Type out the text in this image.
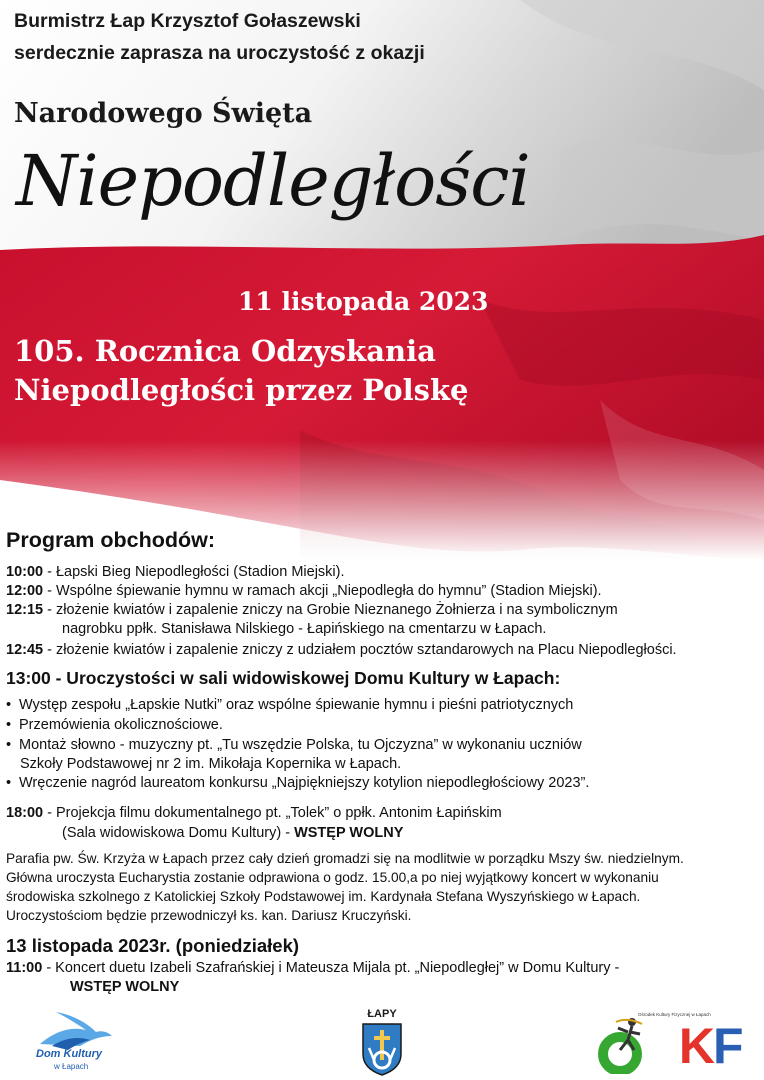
Burmistrz Łap Krzysztof Gołaszewski
serdecznie zaprasza na uroczystość z okazji
Narodowego Święta
Niepodległości
11 listopada 2023
105. Rocznica Odzyskania
Niepodległości przez Polskę
Program obchodów:
10:00 - Łapski Bieg Niepodległości (Stadion Miejski).
12:00 - Wspólne śpiewanie hymnu w ramach akcji „Niepodległa do hymnu” (Stadion Miejski).
12:15 - złożenie kwiatów i zapalenie zniczy na Grobie Nieznanego Żołnierza i na symbolicznym
nagrobku ppłk. Stanisława Nilskiego - Łapińskiego na cmentarzu w Łapach.
12:45 - złożenie kwiatów i zapalenie zniczy z udziałem pocztów sztandarowych na Placu Niepodległości.
13:00 - Uroczystości w sali widowiskowej Domu Kultury w Łapach:
• Występ zespołu „Łapskie Nutki” oraz wspólne śpiewanie hymnu i pieśni patriotycznych
• Przemówienia okolicznościowe.
• Montaż słowno - muzyczny pt. „Tu wszędzie Polska, tu Ojczyzna” w wykonaniu uczniów
Szkoły Podstawowej nr 2 im. Mikołaja Kopernika w Łapach.
• Wręczenie nagród laureatom konkursu „Najpiękniejszy kotylion niepodległościowy 2023”.
18:00 - Projekcja filmu dokumentalnego pt. „Tolek” o ppłk. Antonim Łapińskim
(Sala widowiskowa Domu Kultury) - WSTĘP WOLNY
Parafia pw. Św. Krzyża w Łapach przez cały dzień gromadzi się na modlitwie w porządku Mszy św. niedzielnym.
Główna uroczysta Eucharystia zostanie odprawiona o godz. 15.00,a po niej wyjątkowy koncert w wykonaniu
środowiska szkolnego z Katolickiej Szkoły Podstawowej im. Kardynała Stefana Wyszyńskiego w Łapach.
Uroczystościom będzie przewodniczył ks. kan. Dariusz Kruczyński.
13 listopada 2023r. (poniedziałek)
11:00 - Koncert duetu Izabeli Szafrańskiej i Mateusza Mijala pt. „Niepodległej” w Domu Kultury -
WSTĘP WOLNY
Dom Kultury
w Łapach
ŁAPY	Ośrodek Kultury Fizycznej w Łapach
KF
